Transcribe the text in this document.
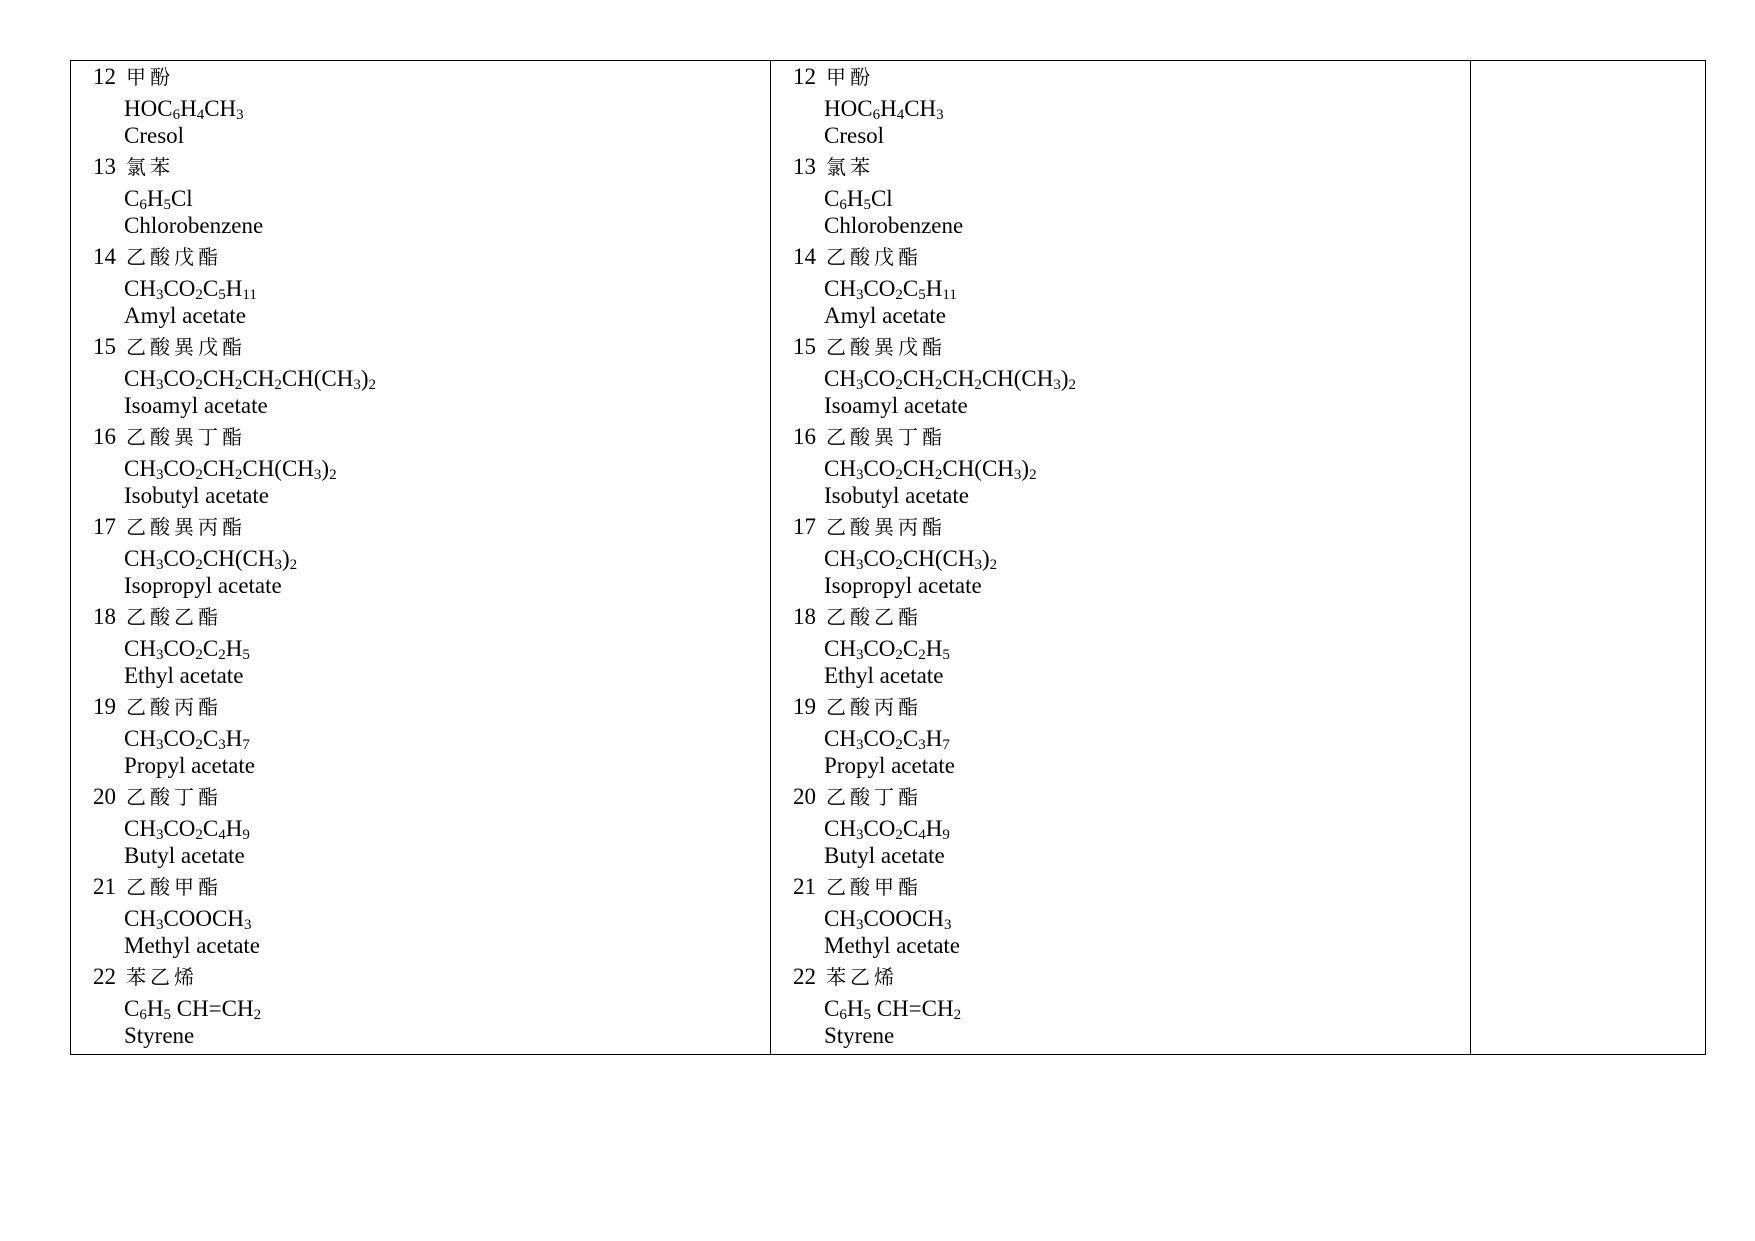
12 甲酚
$HOC_6H_4CH_3$
Cresol
13 氯苯
$C_6H_5Cl$
Chlorobenzene
14 乙酸戊酯
$CH_3CO_2C_5H_{11}$
Amyl acetate
15 乙酸異戊酯
$CH_3CO_2CH_2CH_2CH(CH_3)_2$
Isoamyl acetate
16 乙酸異丁酯
$CH_3CO_2CH_2CH(CH_3)_2$
Isobutyl acetate
17 乙酸異丙酯
$CH_3CO_2CH(CH_3)_2$
Isopropyl acetate
18 乙酸乙酯
$CH_3CO_2C_2H_5$
Ethyl acetate
19 乙酸丙酯
$CH_3CO_2C_3H_7$
Propyl acetate
20 乙酸丁酯
$CH_3CO_2C_4H_9$
Butyl acetate
21 乙酸甲酯
$CH_3COOCH_3$
Methyl acetate
22 苯乙烯
$C_6H_5$ $CH=CH_2$
Styrene

12 甲酚
$HOC_6H_4CH_3$
Cresol
13 氯苯
$C_6H_5Cl$
Chlorobenzene
14 乙酸戊酯
$CH_3CO_2C_5H_{11}$
Amyl acetate
15 乙酸異戊酯
$CH_3CO_2CH_2CH_2CH(CH_3)_2$
Isoamyl acetate
16 乙酸異丁酯
$CH_3CO_2CH_2CH(CH_3)_2$
Isobutyl acetate
17 乙酸異丙酯
$CH_3CO_2CH(CH_3)_2$
Isopropyl acetate
18 乙酸乙酯
$CH_3CO_2C_2H_5$
Ethyl acetate
19 乙酸丙酯
$CH_3CO_2C_3H_7$
Propyl acetate
20 乙酸丁酯
$CH_3CO_2C_4H_9$
Butyl acetate
21 乙酸甲酯
$CH_3COOCH_3$
Methyl acetate
22 苯乙烯
$C_6H_5$ $CH=CH_2$
Styrene
